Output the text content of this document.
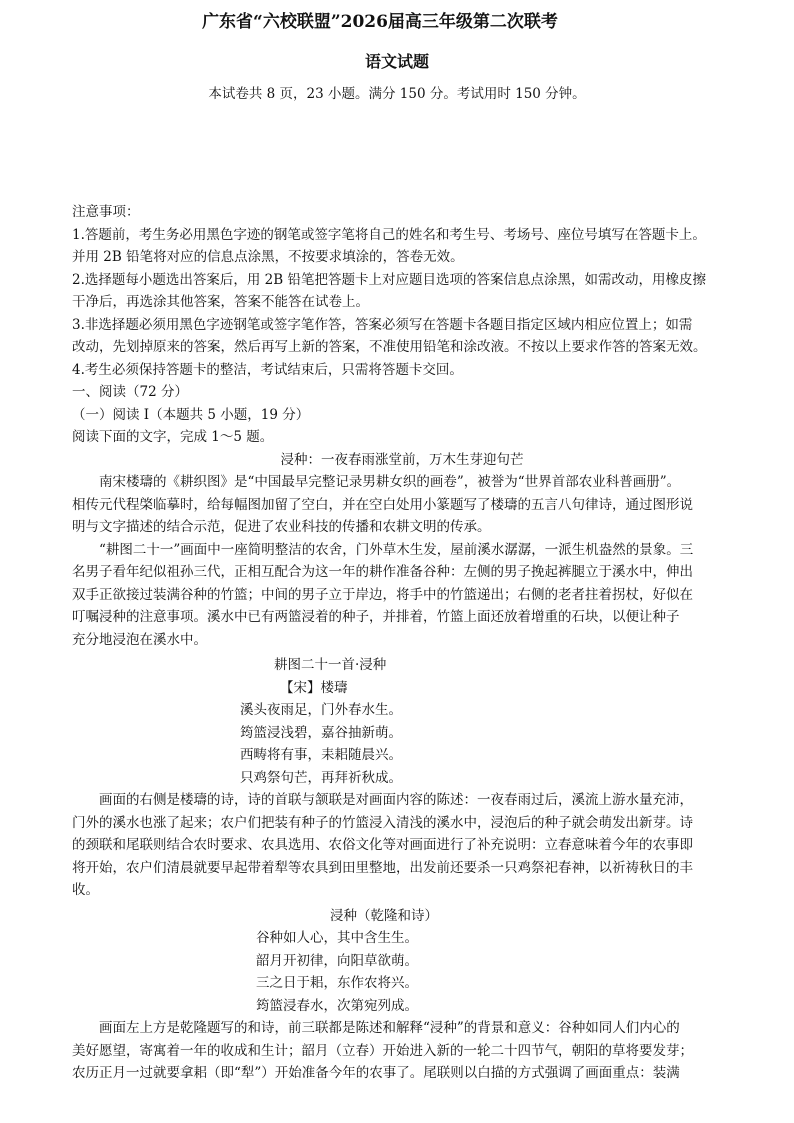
广东省“六校联盟”2026届高三年级第二次联考
语文试题
本试卷共 8 页，23 小题。满分 150 分。考试用时 150 分钟。
注意事项：
1.答题前，考生务必用黑色字迹的钢笔或签字笔将自己的姓名和考生号、考场号、座位号填写在答题卡上。
并用 2B 铅笔将对应的信息点涂黑，不按要求填涂的，答卷无效。
2.选择题每小题选出答案后，用 2B 铅笔把答题卡上对应题目选项的答案信息点涂黑，如需改动，用橡皮擦
干净后，再选涂其他答案，答案不能答在试卷上。
3.非选择题必须用黑色字迹钢笔或签字笔作答，答案必须写在答题卡各题目指定区域内相应位置上；如需
改动，先划掉原来的答案，然后再写上新的答案，不准使用铅笔和涂改液。不按以上要求作答的答案无效。
4.考生必须保持答题卡的整洁，考试结束后，只需将答题卡交回。
一、阅读（72 分）
（一）阅读 I（本题共 5 小题，19 分）
阅读下面的文字，完成 1～5 题。
浸种：一夜春雨涨堂前，万木生芽迎句芒
南宋楼璹的《耕织图》是“中国最早完整记录男耕女织的画卷”，被誉为“世界首部农业科普画册”。
相传元代程棨临摹时，给每幅图加留了空白，并在空白处用小篆题写了楼璹的五言八句律诗，通过图形说
明与文字描述的结合示范，促进了农业科技的传播和农耕文明的传承。
“耕图二十一”画面中一座简明整洁的农舍，门外草木生发，屋前溪水潺潺，一派生机盎然的景象。三
名男子看年纪似祖孙三代，正相互配合为这一年的耕作准备谷种：左侧的男子挽起裤腿立于溪水中，伸出
双手正欲接过装满谷种的竹篮；中间的男子立于岸边，将手中的竹篮递出；右侧的老者拄着拐杖，好似在
叮嘱浸种的注意事项。溪水中已有两篮浸着的种子，并排着，竹篮上面还放着增重的石块，以便让种子
充分地浸泡在溪水中。
耕图二十一首·浸种
【宋】楼璹
溪头夜雨足，门外春水生。
筠篮浸浅碧，嘉谷抽新萌。
西畴将有事，耒耜随晨兴。
只鸡祭句芒，再拜祈秋成。
画面的右侧是楼璹的诗，诗的首联与颔联是对画面内容的陈述：一夜春雨过后，溪流上游水量充沛，
门外的溪水也涨了起来；农户们把装有种子的竹篮浸入清浅的溪水中，浸泡后的种子就会萌发出新芽。诗
的颈联和尾联则结合农时要求、农具选用、农俗文化等对画面进行了补充说明：立春意味着今年的农事即
将开始，农户们清晨就要早起带着犁等农具到田里整地，出发前还要杀一只鸡祭祀春神，以祈祷秋日的丰
收。
浸种（乾隆和诗）
谷种如人心，其中含生生。
韶月开初律，向阳草欲萌。
三之日于耜，东作农将兴。
筠篮浸春水，次第宛列成。
画面左上方是乾隆题写的和诗，前三联都是陈述和解释“浸种”的背景和意义：谷种如同人们内心的
美好愿望，寄寓着一年的收成和生计；韶月（立春）开始进入新的一轮二十四节气，朝阳的草将要发芽；
农历正月一过就要拿耜（即“犁”）开始准备今年的农事了。尾联则以白描的方式强调了画面重点：装满
